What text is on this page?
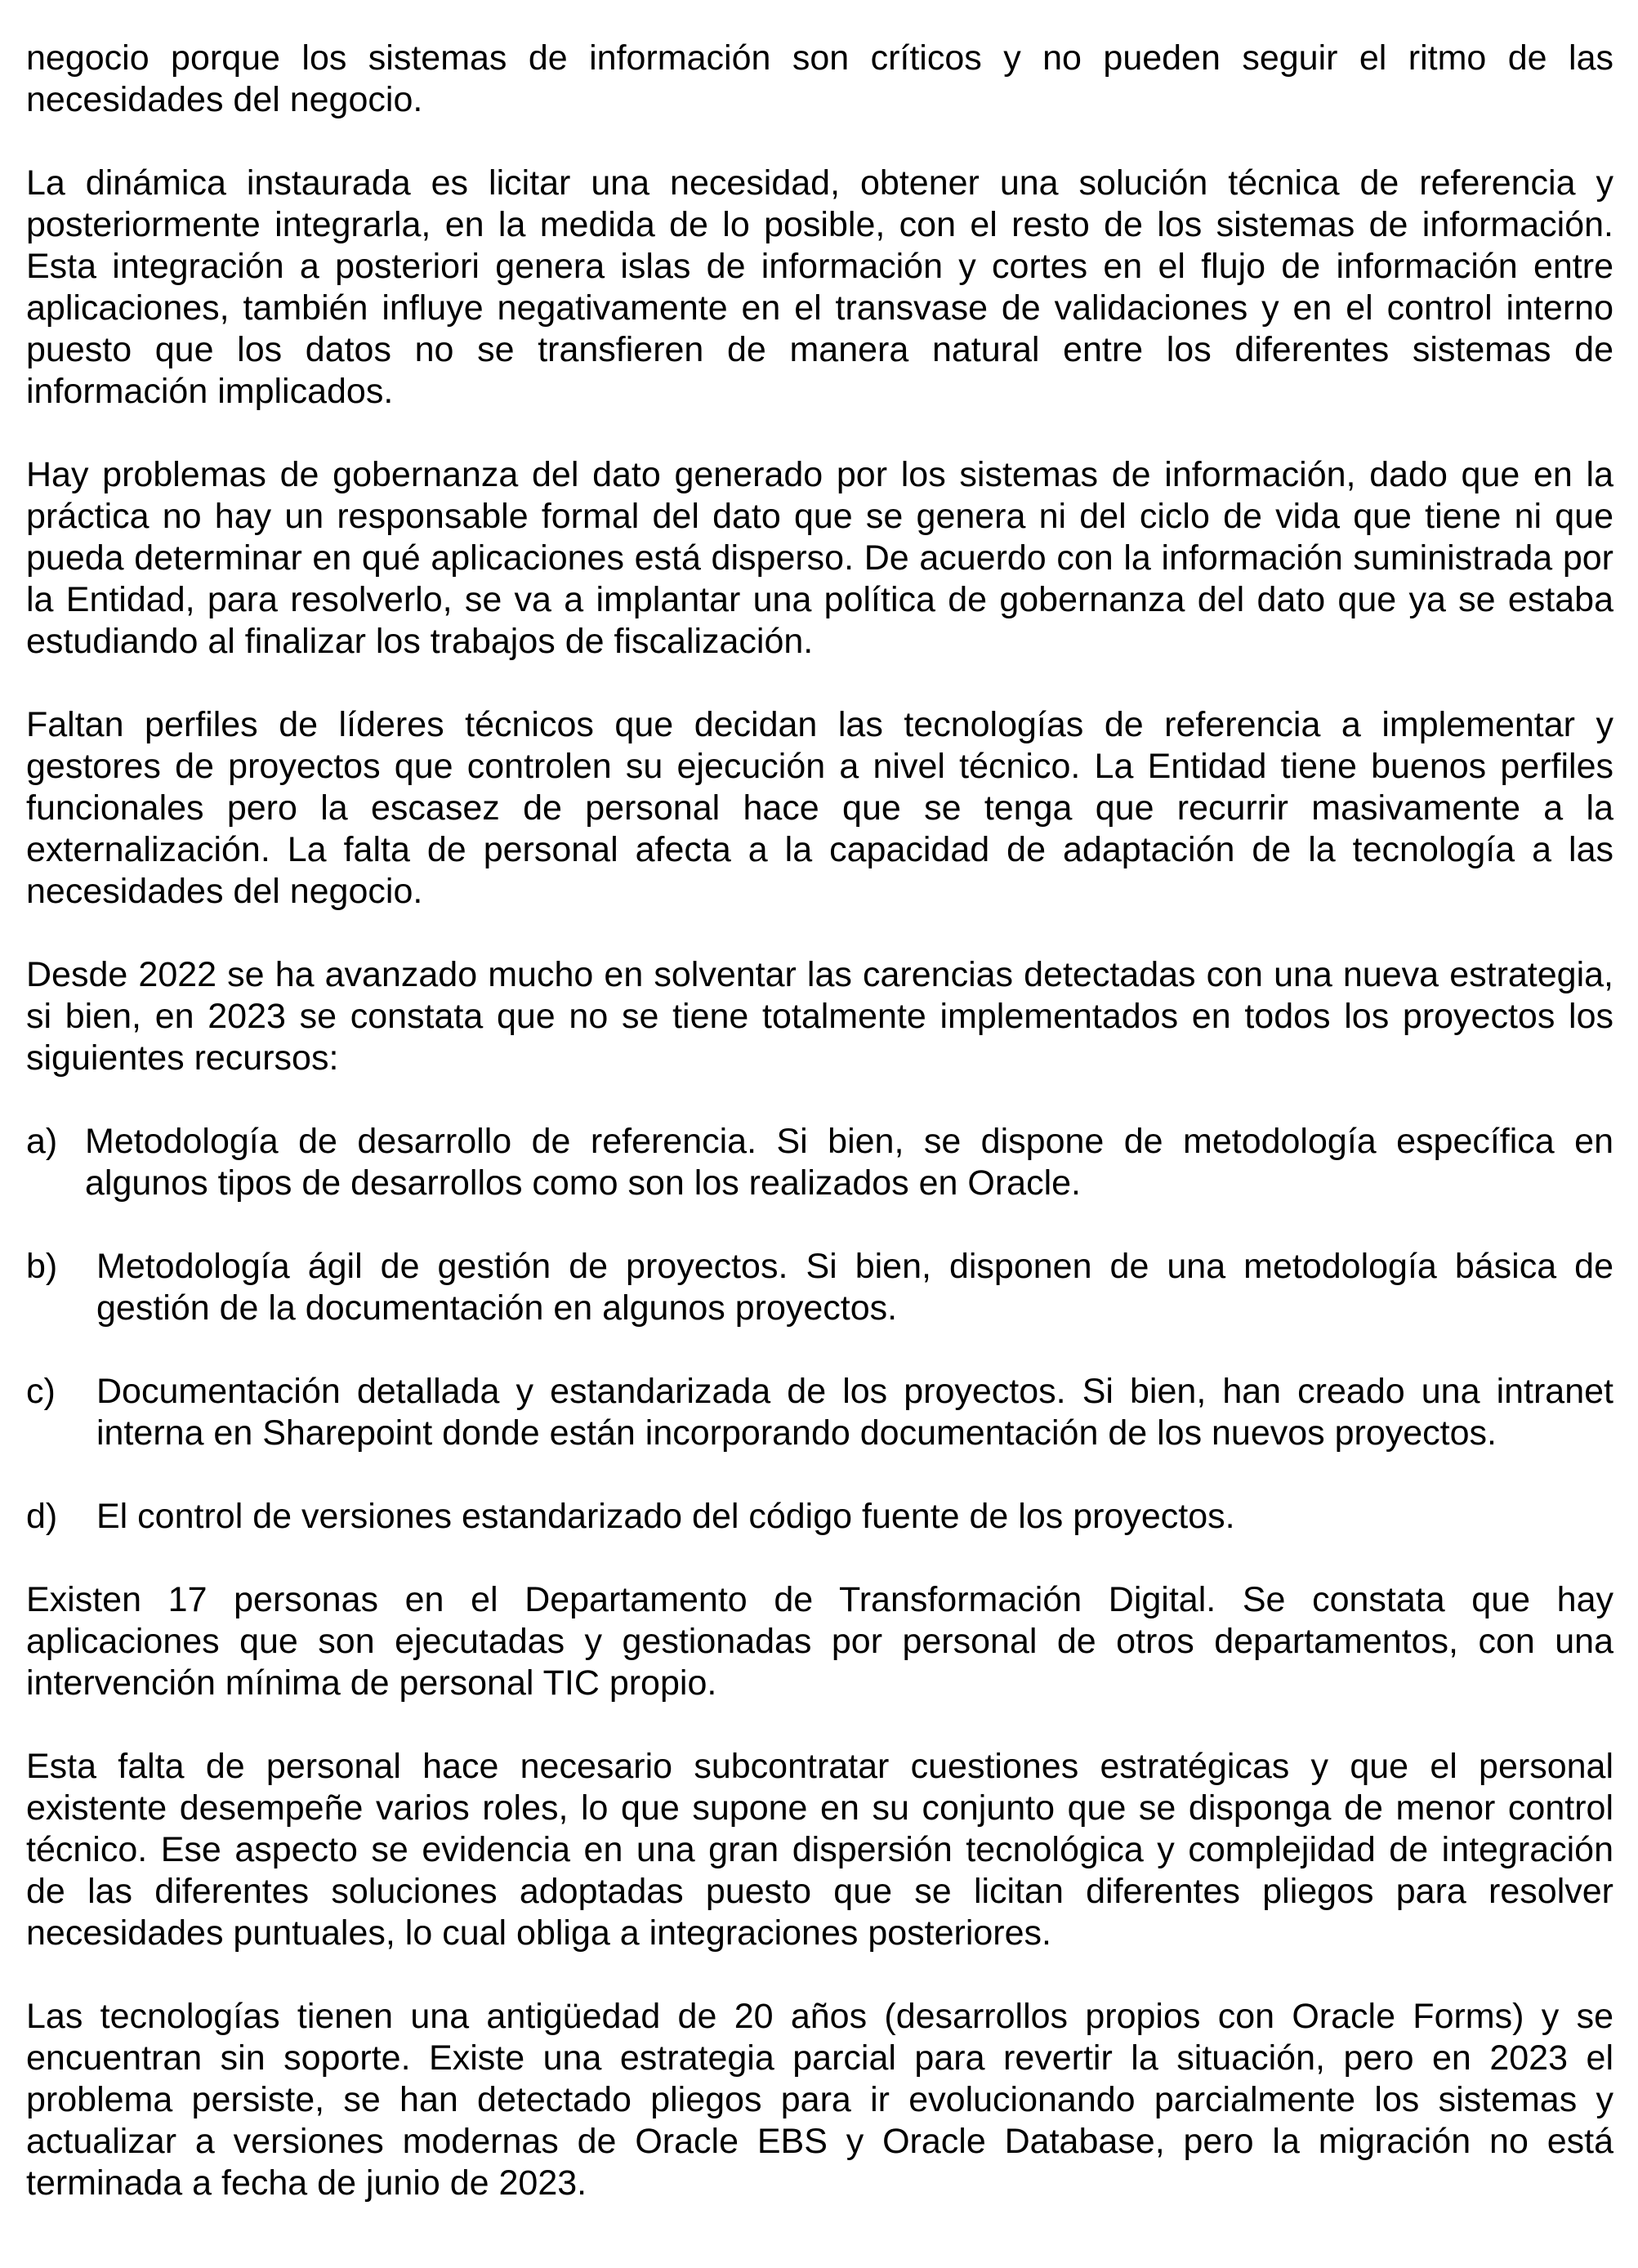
negocio porque los sistemas de información son críticos y no pueden seguir el ritmo de las necesidades del negocio.

La dinámica instaurada es licitar una necesidad, obtener una solución técnica de referencia y posteriormente integrarla, en la medida de lo posible, con el resto de los sistemas de información. Esta integración a posteriori genera islas de información y cortes en el flujo de información entre aplicaciones, también influye negativamente en el transvase de validaciones y en el control interno puesto que los datos no se transfieren de manera natural entre los diferentes sistemas de información implicados.

Hay problemas de gobernanza del dato generado por los sistemas de información, dado que en la práctica no hay un responsable formal del dato que se genera ni del ciclo de vida que tiene ni que pueda determinar en qué aplicaciones está disperso. De acuerdo con la información suministrada por la Entidad, para resolverlo, se va a implantar una política de gobernanza del dato que ya se estaba estudiando al finalizar los trabajos de fiscalización.

Faltan perfiles de líderes técnicos que decidan las tecnologías de referencia a implementar y gestores de proyectos que controlen su ejecución a nivel técnico. La Entidad tiene buenos perfiles funcionales pero la escasez de personal hace que se tenga que recurrir masivamente a la externalización. La falta de personal afecta a la capacidad de adaptación de la tecnología a las necesidades del negocio.

Desde 2022 se ha avanzado mucho en solventar las carencias detectadas con una nueva estrategia, si bien, en 2023 se constata que no se tiene totalmente implementados en todos los proyectos los siguientes recursos:

a) Metodología de desarrollo de referencia. Si bien, se dispone de metodología específica en algunos tipos de desarrollos como son los realizados en Oracle.
b)	Metodología ágil de gestión de proyectos. Si bien, disponen de una metodología básica de gestión de la documentación en algunos proyectos.
c)	Documentación detallada y estandarizada de los proyectos. Si bien, han creado una intranet interna en Sharepoint donde están incorporando documentación de los nuevos proyectos.
d)	El control de versiones estandarizado del código fuente de los proyectos.

Existen 17 personas en el Departamento de Transformación Digital. Se constata que hay aplicaciones que son ejecutadas y gestionadas por personal de otros departamentos, con una intervención mínima de personal TIC propio.

Esta falta de personal hace necesario subcontratar cuestiones estratégicas y que el personal existente desempeñe varios roles, lo que supone en su conjunto que se disponga de menor control técnico. Ese aspecto se evidencia en una gran dispersión tecnológica y complejidad de integración de las diferentes soluciones adoptadas puesto que se licitan diferentes pliegos para resolver necesidades puntuales, lo cual obliga a integraciones posteriores.

Las tecnologías tienen una antigüedad de 20 años (desarrollos propios con Oracle Forms) y se encuentran sin soporte. Existe una estrategia parcial para revertir la situación, pero en 2023 el problema persiste, se han detectado pliegos para ir evolucionando parcialmente los sistemas y actualizar a versiones modernas de Oracle EBS y Oracle Database, pero la migración no está terminada a fecha de junio de 2023.
